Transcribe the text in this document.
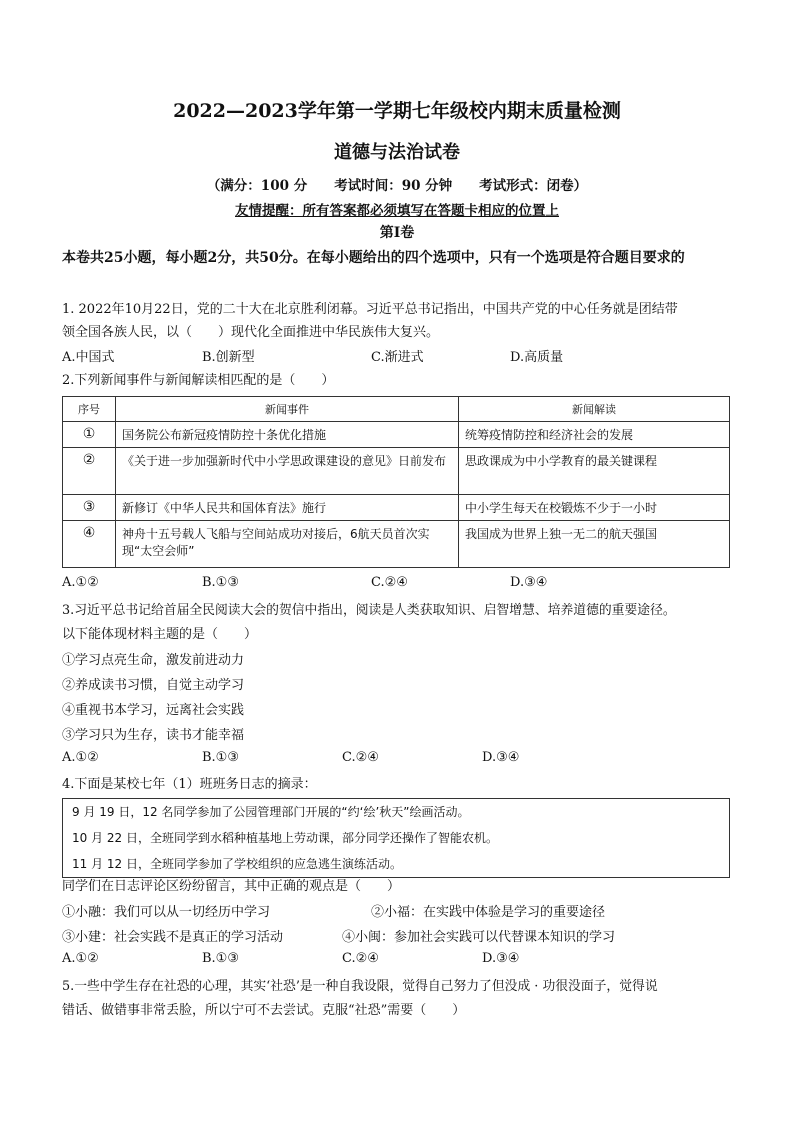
2022—2023学年第一学期七年级校内期末质量检测
道德与法治试卷
（满分：100 分　　考试时间：90 分钟　　考试形式：闭卷）
友情提醒：所有答案都必须填写在答题卡相应的位置上
第Ⅰ卷
本卷共25小题，每小题2分，共50分。在每小题给出的四个选项中，只有一个选项是符合题目要求的
1. 2022年10月22日，党的二十大在北京胜利闭幕。习近平总书记指出，中国共产党的中心任务就是团结带
领全国各族人民，以（　　）现代化全面推进中华民族伟大复兴。
A.中国式	B.创新型	C.渐进式	D.高质量
2.下列新闻事件与新闻解读相匹配的是（　　）
序号	新闻事件	新闻解读
①	国务院公布新冠疫情防控十条优化措施	统筹疫情防控和经济社会的发展
②	《关于进一步加强新时代中小学思政课建设的意见》日前发布	思政课成为中小学教育的最关键课程
③	新修订《中华人民共和国体育法》施行	中小学生每天在校锻炼不少于一小时
④	神舟十五号载人飞船与空间站成功对接后，6航天员首次实现“太空会师”	我国成为世界上独一无二的航天强国
A.①②	B.①③	C.②④	D.③④
3.习近平总书记给首届全民阅读大会的贺信中指出，阅读是人类获取知识、启智增慧、培养道德的重要途径。
以下能体现材料主题的是（　　）
①学习点亮生命，激发前进动力
②养成读书习惯，自觉主动学习
④重视书本学习，远离社会实践
③学习只为生存，读书才能幸福
A.①②	B.①③	C.②④	D.③④
4.下面是某校七年（1）班班务日志的摘录：
9 月 19 日，12 名同学参加了公园管理部门开展的“约‘绘’秋天”绘画活动。
10 月 22 日，全班同学到水稻种植基地上劳动课，部分同学还操作了智能农机。
11 月 12 日，全班同学参加了学校组织的应急逃生演练活动。
同学们在日志评论区纷纷留言，其中正确的观点是（　　）
①小融：我们可以从一切经历中学习	②小福：在实践中体验是学习的重要途径
③小建：社会实践不是真正的学习活动	④小闽：参加社会实践可以代替课本知识的学习
A.①②	B.①③	C.②④	D.③④
5.一些中学生存在社恐的心理，其实‘社恐’是一种自我设限，觉得自己努力了但没成 · 功很没面子，觉得说
错话、做错事非常丢脸，所以宁可不去尝试。克服“社恐”需要（　　）
